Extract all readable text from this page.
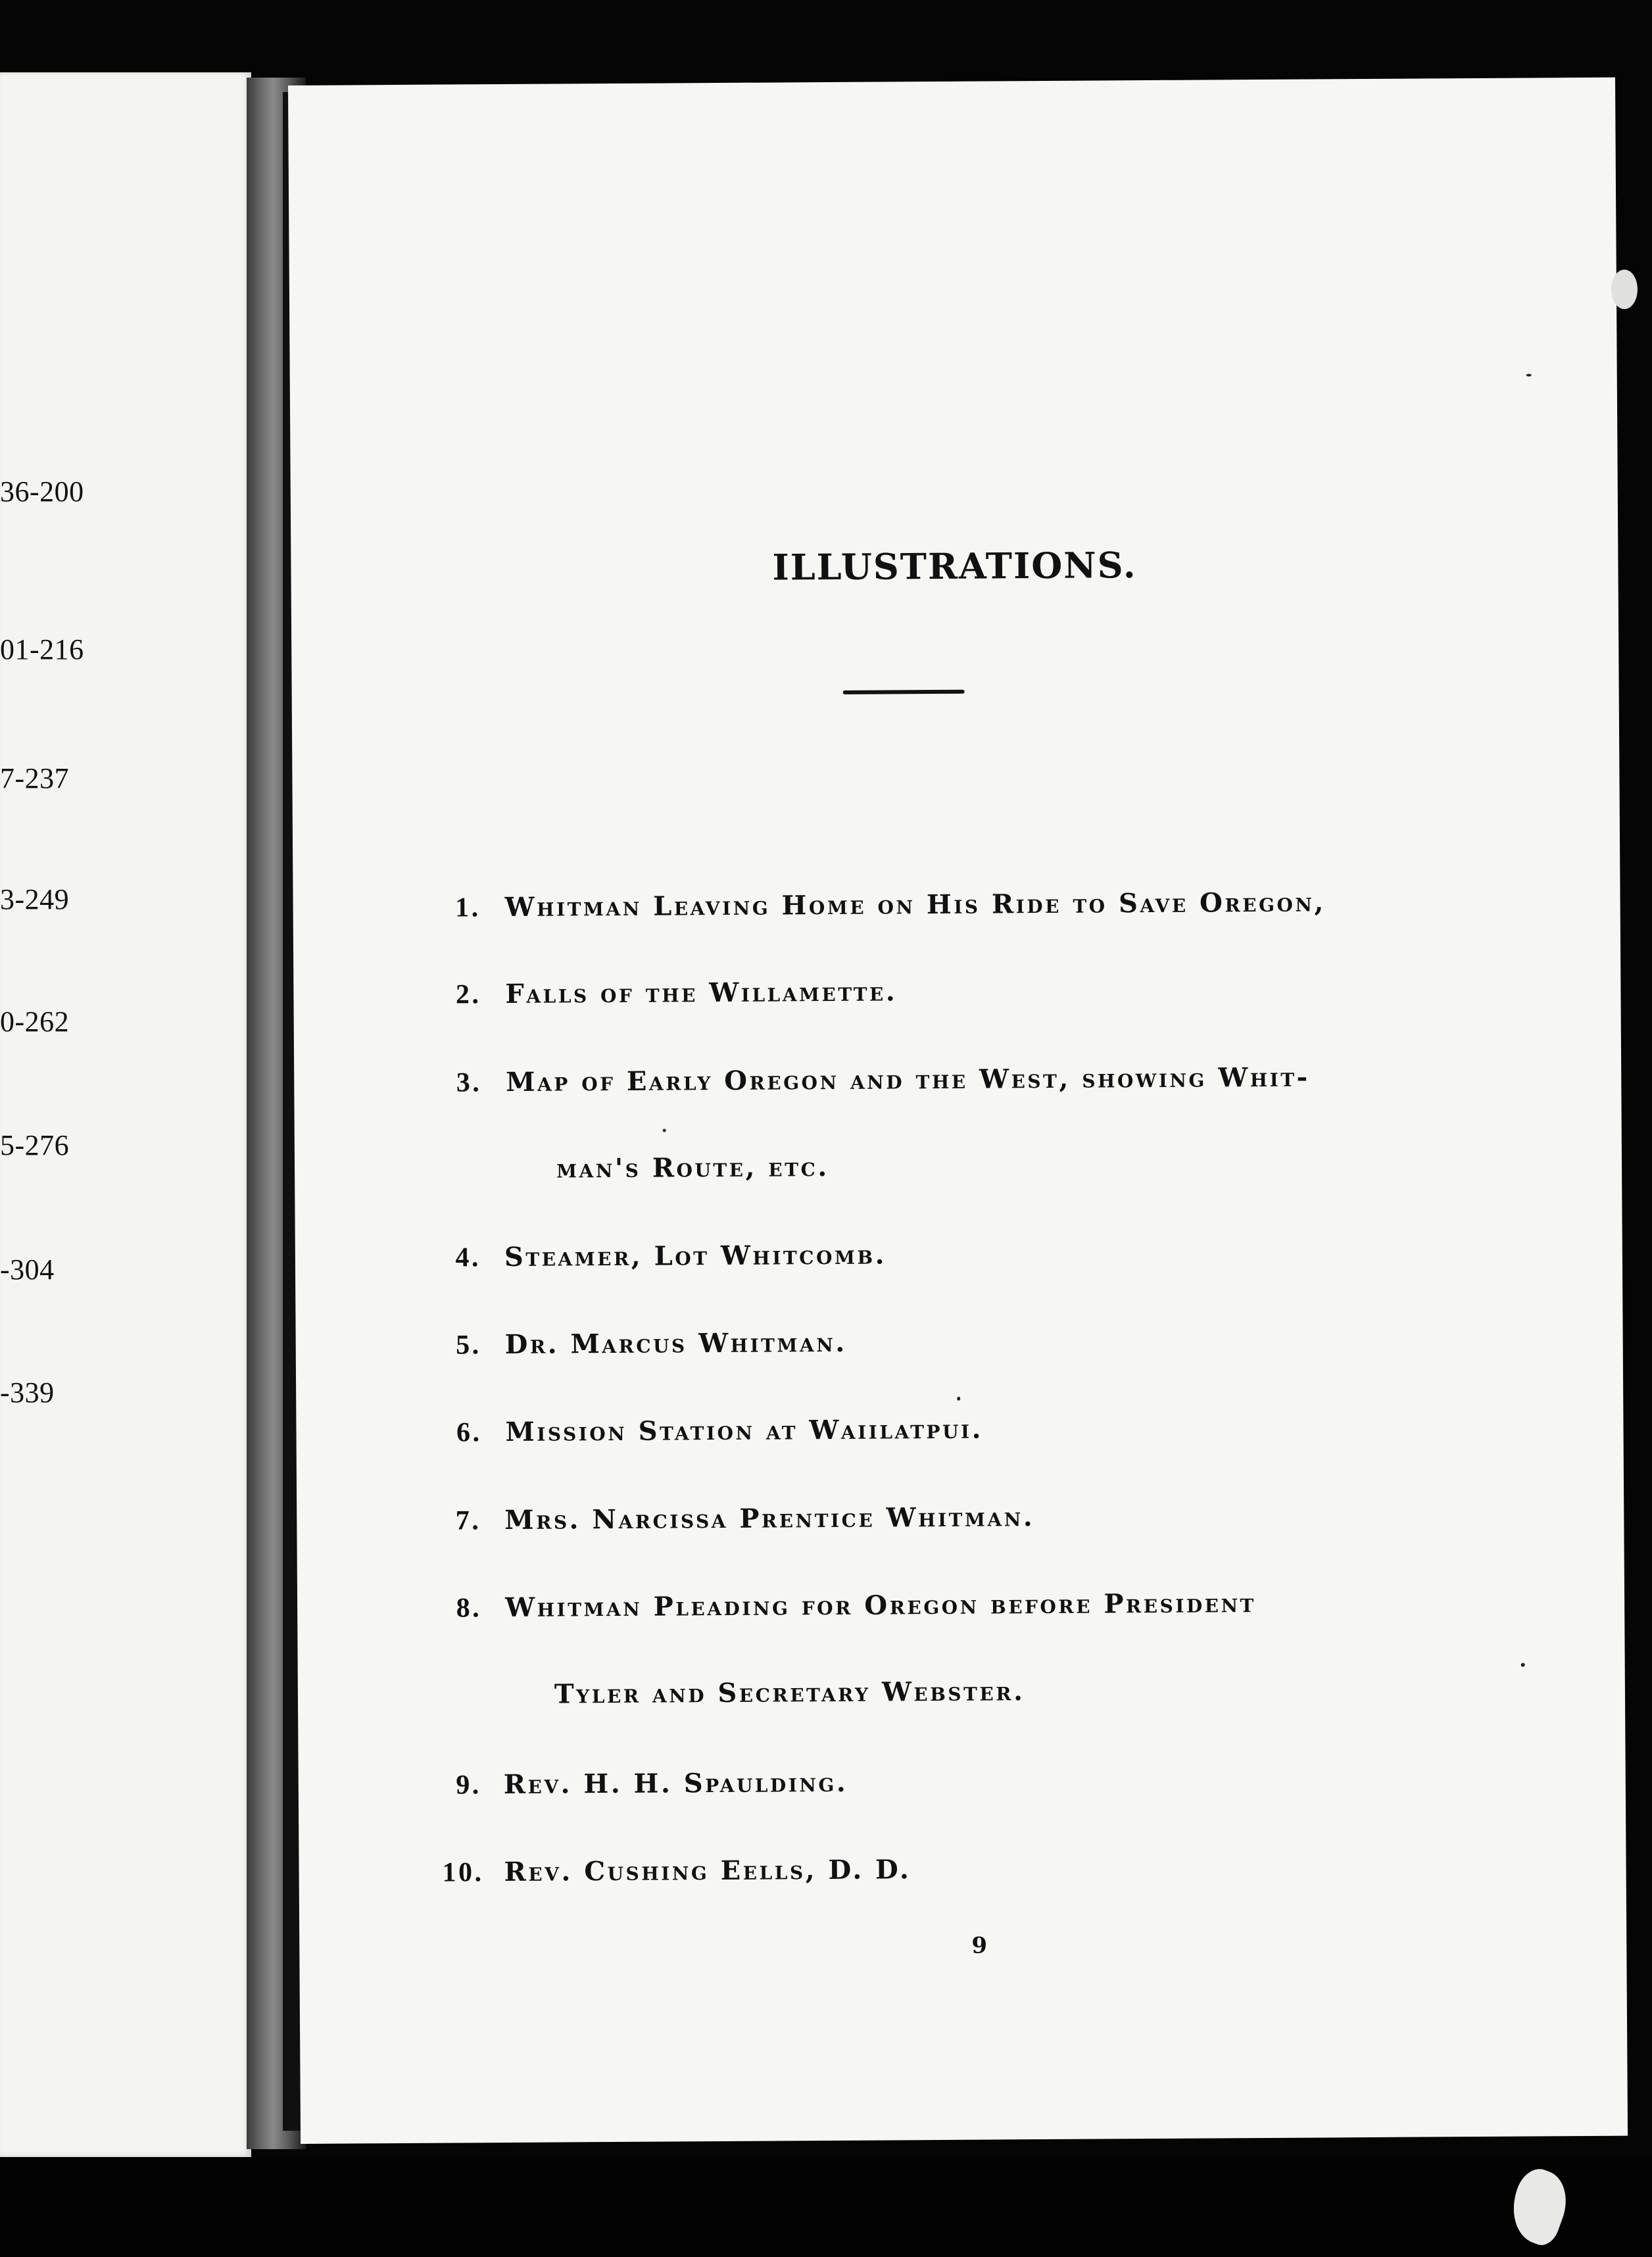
36-200
01-216
7-237
3-249
0-262
5-276
-304
-339
ILLUSTRATIONS.
1. Whitman Leaving Home on His Ride to Save Oregon,
2. Falls of the Willamette.
3. Map of Early Oregon and the West, showing Whit-
man's Route, etc.
4. Steamer, Lot Whitcomb.
5. Dr. Marcus Whitman.
6. Mission Station at Waiilatpui.
7. Mrs. Narcissa Prentice Whitman.
8. Whitman Pleading for Oregon before President
Tyler and Secretary Webster.
9. Rev. H. H. Spaulding.
10. Rev. Cushing Eells, D. D.
9
